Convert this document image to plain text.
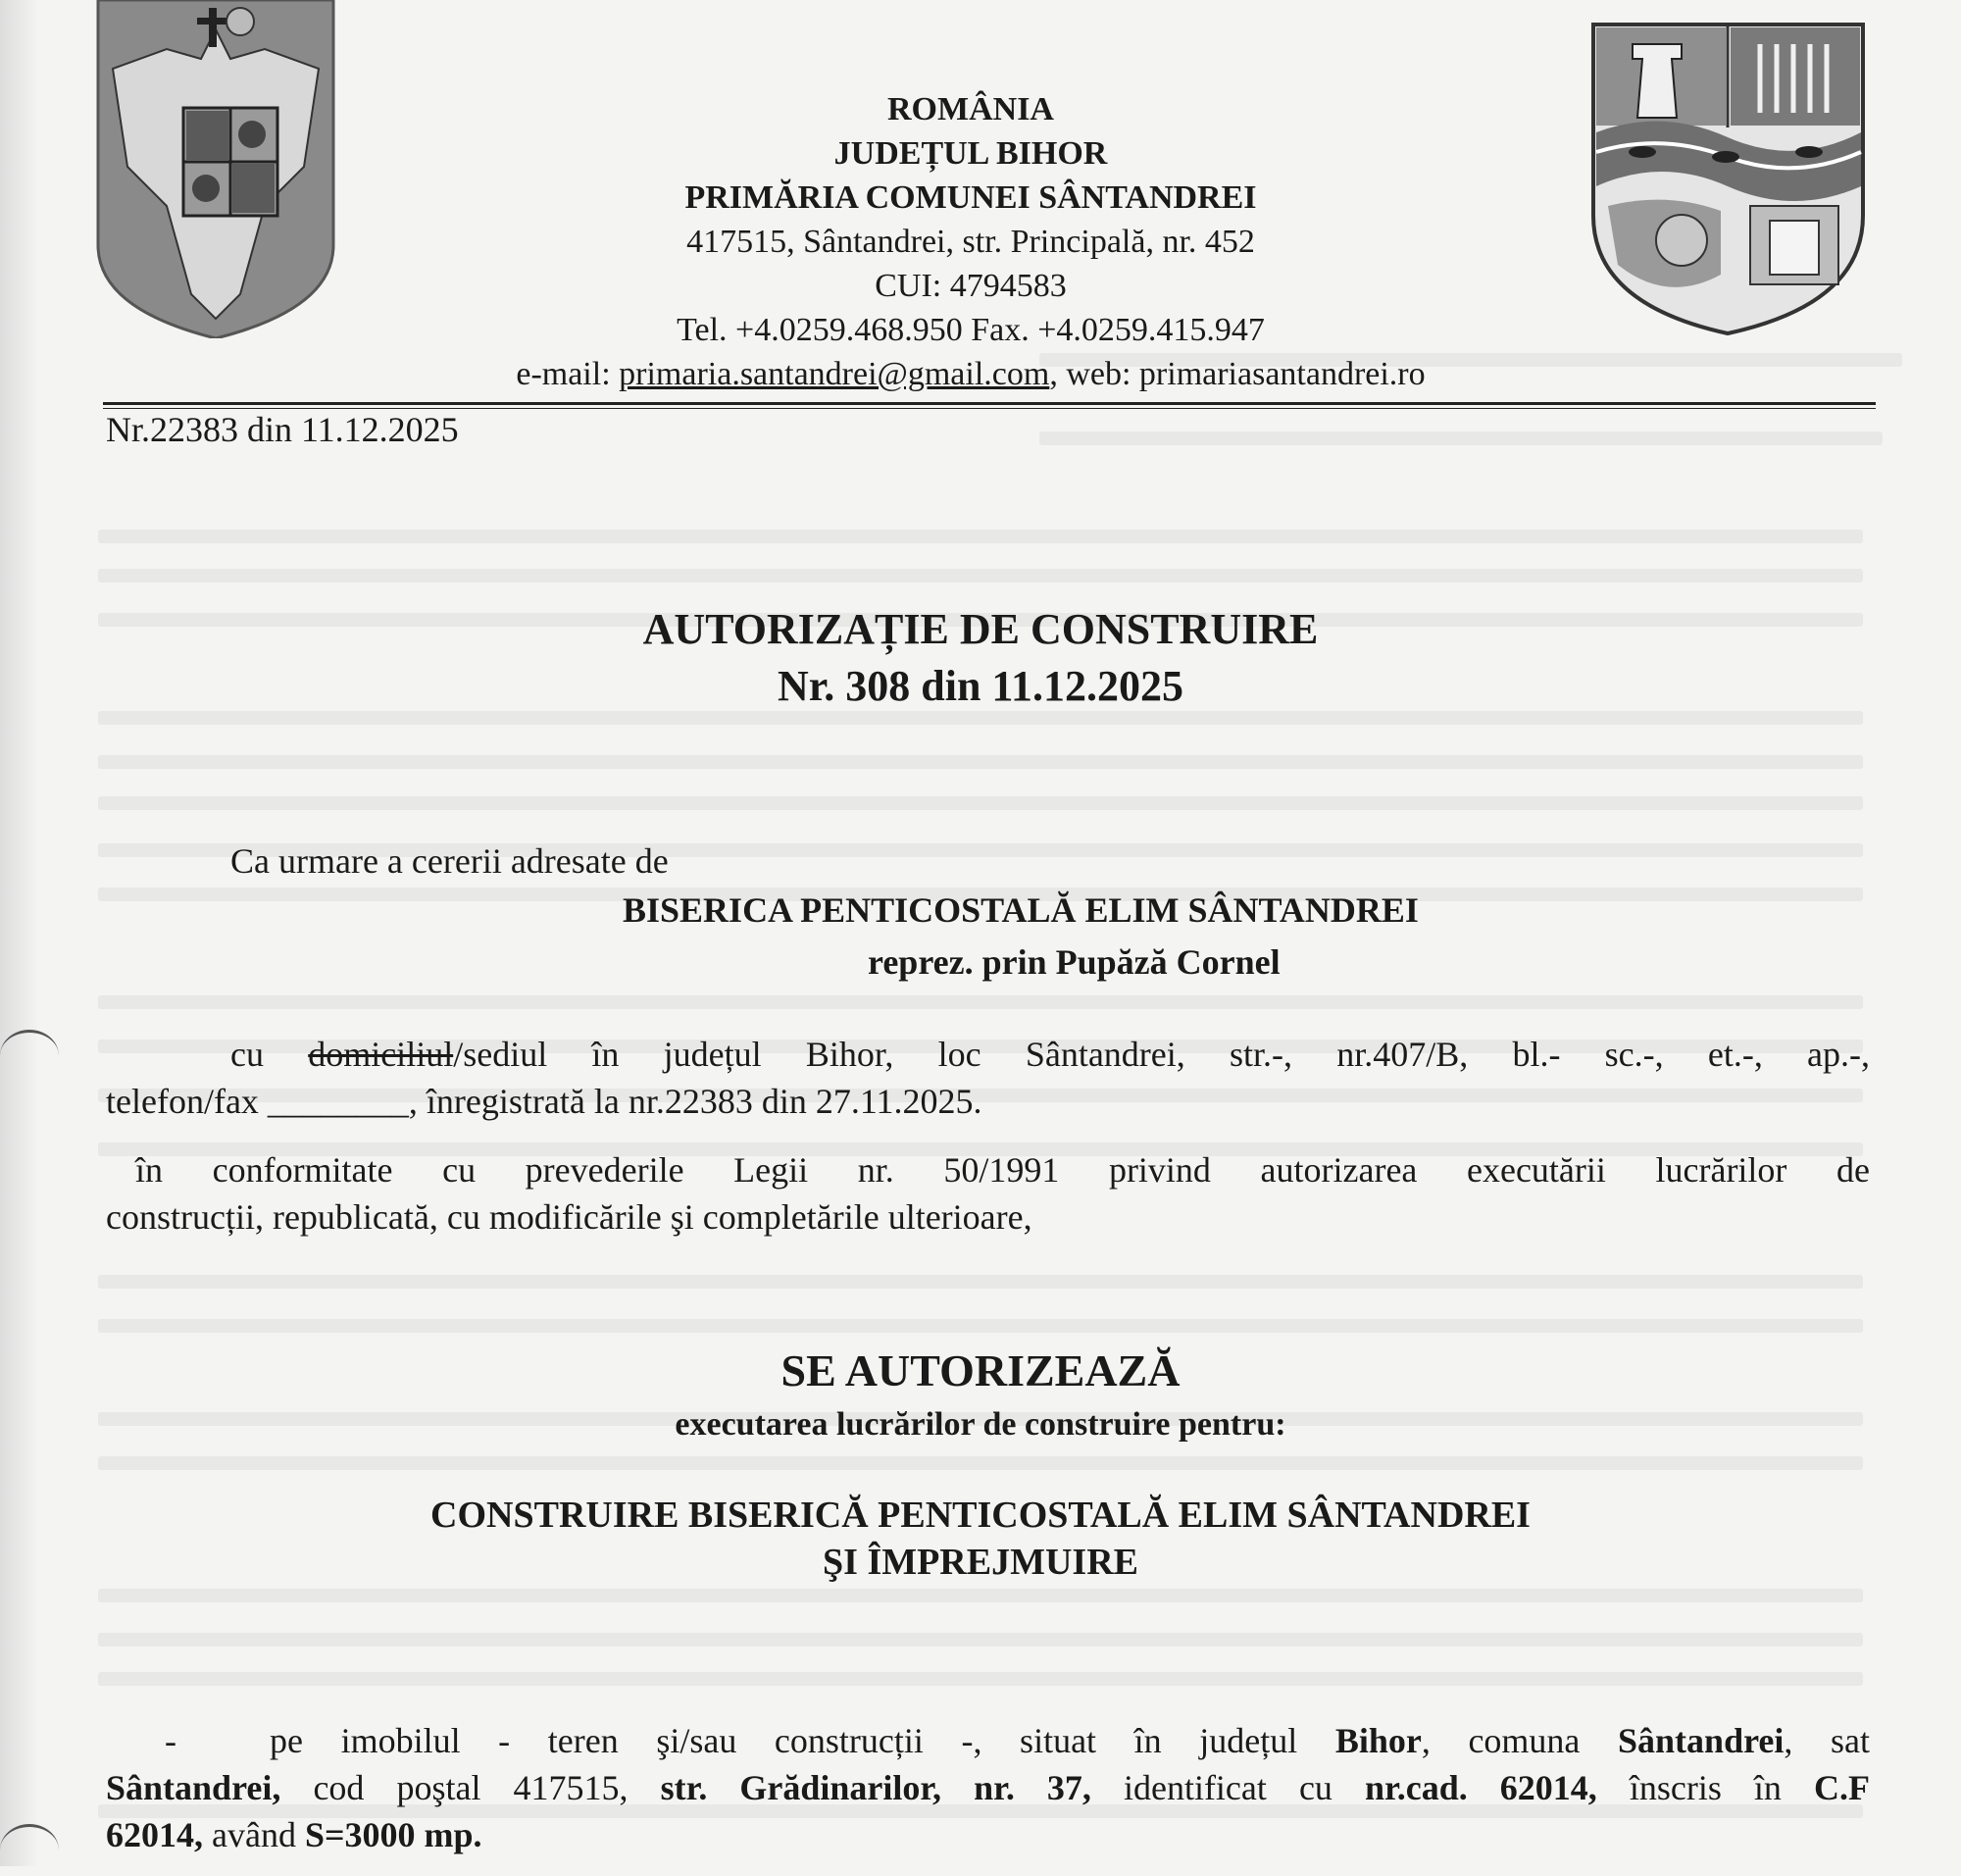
ROMÂNIA
JUDEȚUL BIHOR
PRIMĂRIA COMUNEI SÂNTANDREI
417515, Sântandrei, str. Principală, nr. 452
CUI: 4794583
Tel. +4.0259.468.950 Fax. +4.0259.415.947
e-mail: primaria.santandrei@gmail.com, web: primariasantandrei.ro
Nr.22383 din 11.12.2025
AUTORIZAȚIE DE CONSTRUIRE
Nr. 308 din 11.12.2025
Ca urmare a cererii adresate de
BISERICA PENTICOSTALĂ ELIM SÂNTANDREI
reprez. prin Pupăză Cornel
cu domiciliul/sediul în județul Bihor, loc Sântandrei, str.-, nr.407/B, bl.- sc.-, et.-, ap.-,
telefon/fax ________, înregistrată la nr.22383 din 27.11.2025.
în conformitate cu prevederile Legii nr. 50/1991 privind autorizarea executării lucrărilor de
construcții, republicată, cu modificările şi completările ulterioare,
SE AUTORIZEAZĂ
executarea lucrărilor de construire pentru:
CONSTRUIRE BISERICĂ PENTICOSTALĂ ELIM SÂNTANDREI
ŞI ÎMPREJMUIRE
-	pe imobilul - teren şi/sau construcții -, situat în județul Bihor, comuna Sântandrei, sat
Sântandrei, cod poştal 417515, str. Grădinarilor, nr. 37, identificat cu nr.cad. 62014, înscris în C.F
62014, având S=3000 mp.
